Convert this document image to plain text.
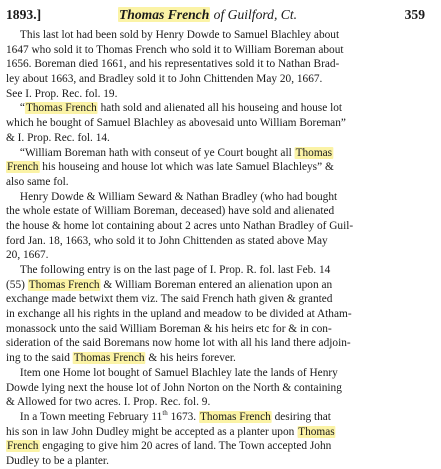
1893.]	Thomas French of Guilford, Ct.	359
This last lot had been sold by Henry Dowde to Samuel Blachley about
1647 who sold it to Thomas French who sold it to William Boreman about
1656. Boreman died 1661, and his representatives sold it to Nathan Brad-
ley about 1663, and Bradley sold it to John Chittenden May 20, 1667.
See I. Prop. Rec. fol. 19.
“Thomas French hath sold and alienated all his houseing and house lot
which he bought of Samuel Blachley as abovesaid unto William Boreman”
& I. Prop. Rec. fol. 14.
“William Boreman hath with conseut of ye Court bought all Thomas
French his houseing and house lot which was late Samuel Blachleys” &
also same fol.
Henry Dowde & William Seward & Nathan Bradley (who had bought
the whole estate of William Boreman, deceased) have sold and alienated
the house & home lot containing about 2 acres unto Nathan Bradley of Guil-
ford Jan. 18, 1663, who sold it to John Chittenden as stated above May
20, 1667.
The following entry is on the last page of I. Prop. R. fol. last Feb. 14
(55) Thomas French & William Boreman entered an alienation upon an
exchange made betwixt them viz. The said French hath given & granted
in exchange all his rights in the upland and meadow to be divided at Atham-
monassock unto the said William Boreman & his heirs etc for & in con-
sideration of the said Boremans now home lot with all his land there adjoin-
ing to the said Thomas French & his heirs forever.
Item one Home lot bought of Samuel Blachley late the lands of Henry
Dowde lying next the house lot of John Norton on the North & containing
& Allowed for two acres. I. Prop. Rec. fol. 9.
In a Town meeting February 11th 1673. Thomas French desiring that
his son in law John Dudley might be accepted as a planter upon Thomas
French engaging to give him 20 acres of land. The Town accepted John
Dudley to be a planter.
